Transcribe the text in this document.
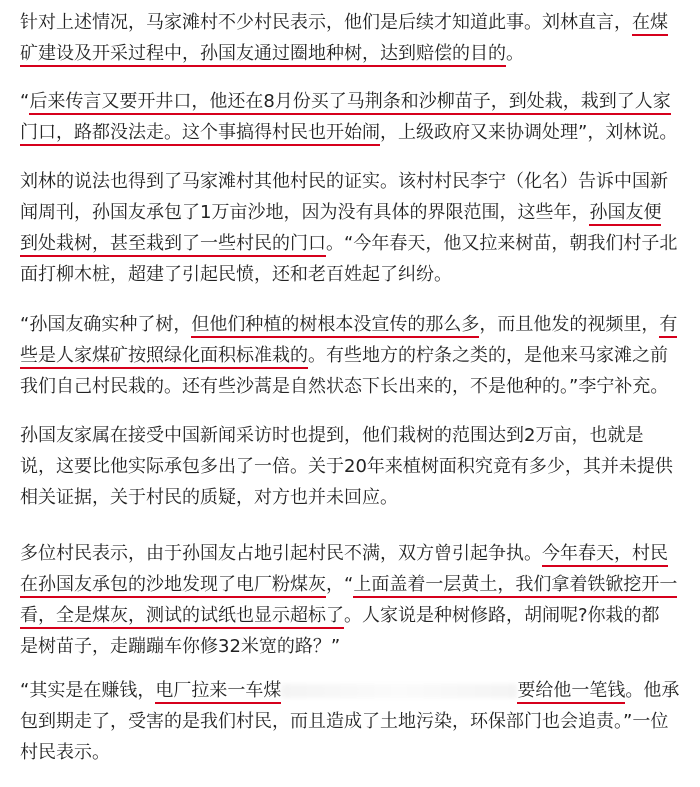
针对上述情况，马家滩村不少村民表示，他们是后续才知道此事。刘林直言，在煤
矿建设及开采过程中，孙国友通过圈地种树，达到赔偿的目的。

“后来传言又要开井口，他还在8月份买了马荆条和沙柳苗子，到处栽，栽到了人家
门口，路都没法走。这个事搞得村民也开始闹，上级政府又来协调处理”，刘林说。

刘林的说法也得到了马家滩村其他村民的证实。该村村民李宁（化名）告诉中国新
闻周刊，孙国友承包了1万亩沙地，因为没有具体的界限范围，这些年，孙国友便
到处栽树，甚至栽到了一些村民的门口。“今年春天，他又拉来树苗，朝我们村子北
面打柳木桩，超建了引起民愤，还和老百姓起了纠纷。

“孙国友确实种了树，但他们种植的树根本没宣传的那么多，而且他发的视频里，有
些是人家煤矿按照绿化面积标准栽的。有些地方的柠条之类的，是他来马家滩之前
我们自己村民栽的。还有些沙蒿是自然状态下长出来的，不是他种的。”李宁补充。

孙国友家属在接受中国新闻采访时也提到，他们栽树的范围达到2万亩，也就是
说，这要比他实际承包多出了一倍。关于20年来植树面积究竟有多少，其并未提供
相关证据，关于村民的质疑，对方也并未回应。

多位村民表示，由于孙国友占地引起村民不满，双方曾引起争执。今年春天，村民
在孙国友承包的沙地发现了电厂粉煤灰，“上面盖着一层黄土，我们拿着铁锨挖开一
看，全是煤灰，测试的试纸也显示超标了。人家说是种树修路，胡闹呢?你栽的都
是树苗子，走蹦蹦车你修32米宽的路？”

“其实是在赚钱，电厂拉来一车煤	要给他一笔钱。他承
包到期走了，受害的是我们村民，而且造成了土地污染，环保部门也会追责。”一位
村民表示。
